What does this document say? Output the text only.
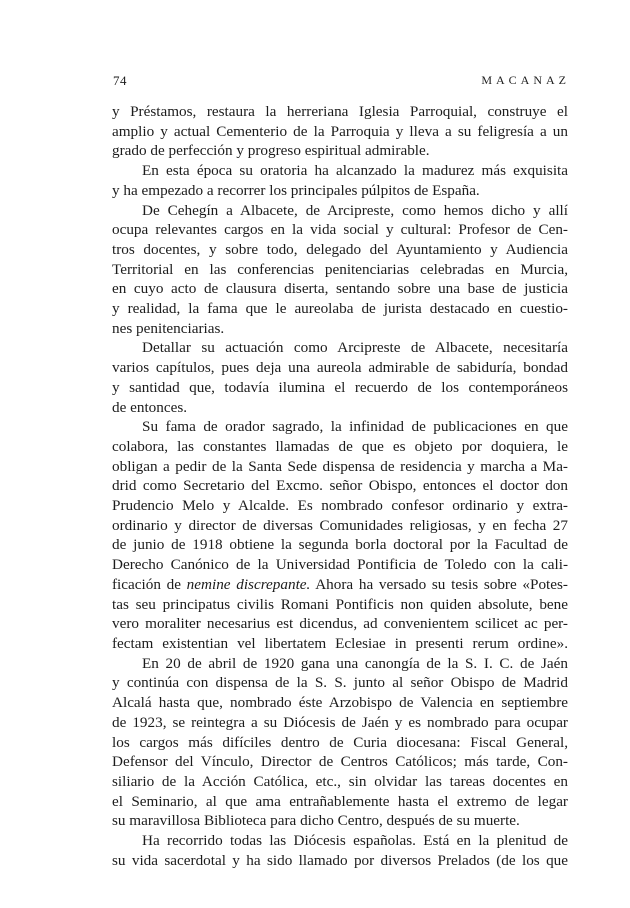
74	MACANAZ

y Préstamos, restaura la herreriana Iglesia Parroquial, construye el
amplio y actual Cementerio de la Parroquia y lleva a su feligresía a un
grado de perfección y progreso espiritual admirable.

En esta época su oratoria ha alcanzado la madurez más exquisita
y ha empezado a recorrer los principales púlpitos de España.

De Cehegín a Albacete, de Arcipreste, como hemos dicho y allí
ocupa relevantes cargos en la vida social y cultural: Profesor de Cen-
tros docentes, y sobre todo, delegado del Ayuntamiento y Audiencia
Territorial en las conferencias penitenciarias celebradas en Murcia,
en cuyo acto de clausura diserta, sentando sobre una base de justicia
y realidad, la fama que le aureolaba de jurista destacado en cuestio-
nes penitenciarias.

Detallar su actuación como Arcipreste de Albacete, necesitaría
varios capítulos, pues deja una aureola admirable de sabiduría, bondad
y santidad que, todavía ilumina el recuerdo de los contemporáneos
de entonces.

Su fama de orador sagrado, la infinidad de publicaciones en que
colabora, las constantes llamadas de que es objeto por doquiera, le
obligan a pedir de la Santa Sede dispensa de residencia y marcha a Ma-
drid como Secretario del Excmo. señor Obispo, entonces el doctor don
Prudencio Melo y Alcalde. Es nombrado confesor ordinario y extra-
ordinario y director de diversas Comunidades religiosas, y en fecha 27
de junio de 1918 obtiene la segunda borla doctoral por la Facultad de
Derecho Canónico de la Universidad Pontificia de Toledo con la cali-
ficación de nemine discrepante. Ahora ha versado su tesis sobre «Potes-
tas seu principatus civilis Romani Pontificis non quiden absolute, bene
vero moraliter necesarius est dicendus, ad convenientem scilicet ac per-
fectam existentian vel libertatem Eclesiae in presenti rerum ordine».

En 20 de abril de 1920 gana una canongía de la S. I. C. de Jaén
y continúa con dispensa de la S. S. junto al señor Obispo de Madrid
Alcalá hasta que, nombrado éste Arzobispo de Valencia en septiembre
de 1923, se reintegra a su Diócesis de Jaén y es nombrado para ocupar
los cargos más difíciles dentro de Curia diocesana: Fiscal General,
Defensor del Vínculo, Director de Centros Católicos; más tarde, Con-
siliario de la Acción Católica, etc., sin olvidar las tareas docentes en
el Seminario, al que ama entrañablemente hasta el extremo de legar
su maravillosa Biblioteca para dicho Centro, después de su muerte.

Ha recorrido todas las Diócesis españolas. Está en la plenitud de
su vida sacerdotal y ha sido llamado por diversos Prelados (de los que
